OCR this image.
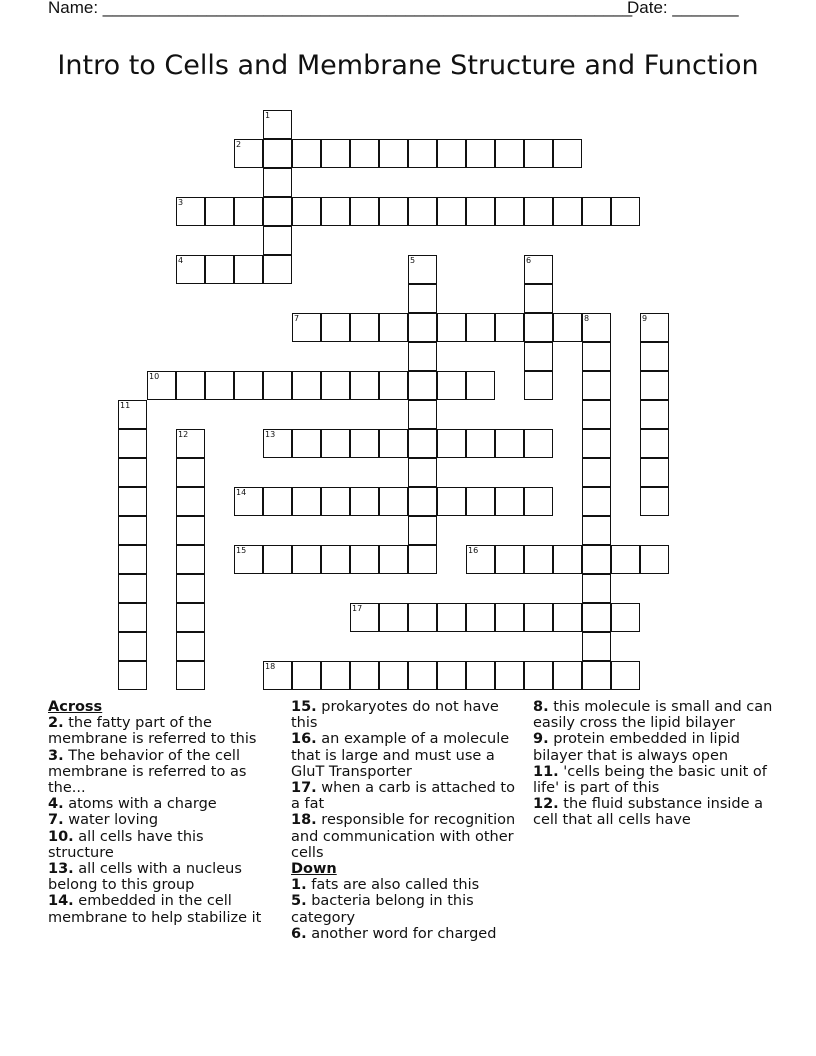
Name: ________________________________________________________
Date: _______
Intro to Cells and Membrane Structure and Function
2
3
4
7	8
10
13
14
15	16
17
18
1
5	6
9
11
12
Across
2. the fatty part of the membrane is referred to this
3. The behavior of the cell membrane is referred to as the...
4. atoms with a charge
7. water loving
10. all cells have this structure
13. all cells with a nucleus belong to this group
14. embedded in the cell membrane to help stabilize it
15. prokaryotes do not have this
16. an example of a molecule that is large and must use a GluT Transporter
17. when a carb is attached to a fat
18. responsible for recognition and communication with other cells
Down
1. fats are also called this
5. bacteria belong in this category
6. another word for charged
8. this molecule is small and can easily cross the lipid bilayer
9. protein embedded in lipid bilayer that is always open
11. 'cells being the basic unit of life' is part of this
12. the fluid substance inside a cell that all cells have
